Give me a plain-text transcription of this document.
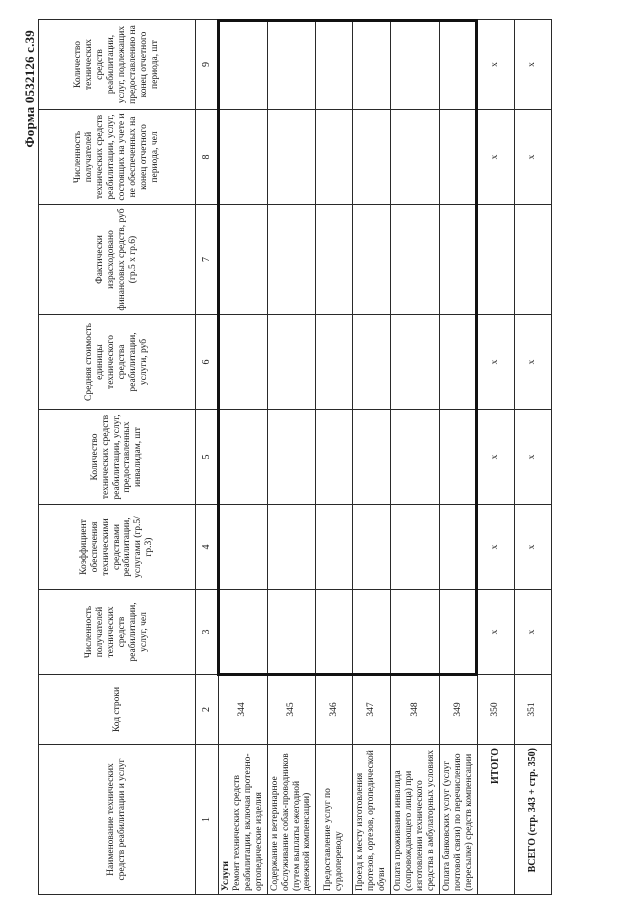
Форма 0532126 с.39
Наименование технических средств реабилитации и услуг	Код строки	Численность получателей технических средств реабилитации, услуг, чел	Коэффициент обеспечения техническими средствами реабилитации, услугами (гр.5/гр.3)	Количество технических средств реабилитации, услуг, предоставленных инвалидам, шт	Средняя стоимость единицы технического средства реабилитации, услуги, руб	Фактически израсходовано финансовых средств, руб (гр.5 х гр.6)	Численность получателей технических средств реабилитации, услуг, состоящих на учете и не обеспеченных на конец отчетного периода, чел	Количество технических средств реабилитации, услуг, подлежащих предоставлению на конец отчетного периода, шт
1	2	3	4	5	6	7	8	9

Услуги Ремонт технических средств реабилитации, включая протезно-ортопедические изделия	344							
Содержание и ветеринарное обслуживание собак-проводников (путем выплаты ежегодной денежной компенсации)	345							
Предоставление услуг по сурдопереводу	346							
Проезд к месту изготовления протезов, ортезов, ортопедической обуви	347							
Оплата проживания инвалида (сопровождающего лица) при изготовлении технического средства в амбулаторных условиях	348							
Оплата банковских услуг (услуг почтовой связи) по перечислению (пересылке) средств компенсации	349							
ИТОГО	350	х	х	х	х		х	х
ВСЕГО (стр. 343 + стр. 350)	351	х	х	х	х		х	х
